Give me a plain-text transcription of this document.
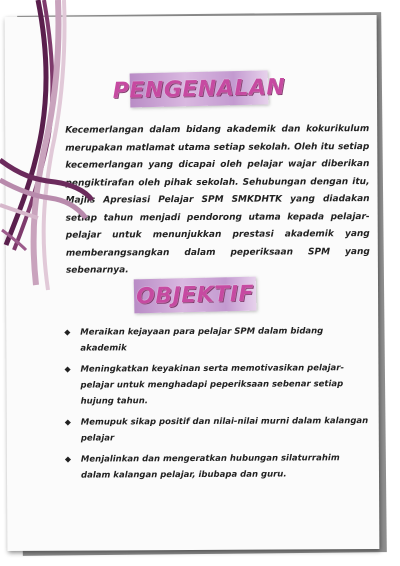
PENGENALAN

Kecemerlangan dalam bidang akademik dan kokurikulum merupakan matlamat utama setiap sekolah. Oleh itu setiap kecemerlangan yang dicapai oleh pelajar wajar diberikan pengiktirafan oleh pihak sekolah. Sehubungan dengan itu, Majlis Apresiasi Pelajar SPM SMKDHTK yang diadakan setiap tahun menjadi pendorong utama kepada pelajar-pelajar untuk menunjukkan prestasi akademik yang memberangsangkan dalam peperiksaan SPM yang sebenarnya.

OBJEKTIF
◆ Meraikan kejayaan para pelajar SPM dalam bidang akademik
◆ Meningkatkan keyakinan serta memotivasikan pelajar-pelajar untuk menghadapi peperiksaan sebenar setiap hujung tahun.
◆ Memupuk sikap positif dan nilai-nilai murni dalam kalangan pelajar
◆ Menjalinkan dan mengeratkan hubungan silaturrahim dalam kalangan pelajar, ibubapa dan guru.
